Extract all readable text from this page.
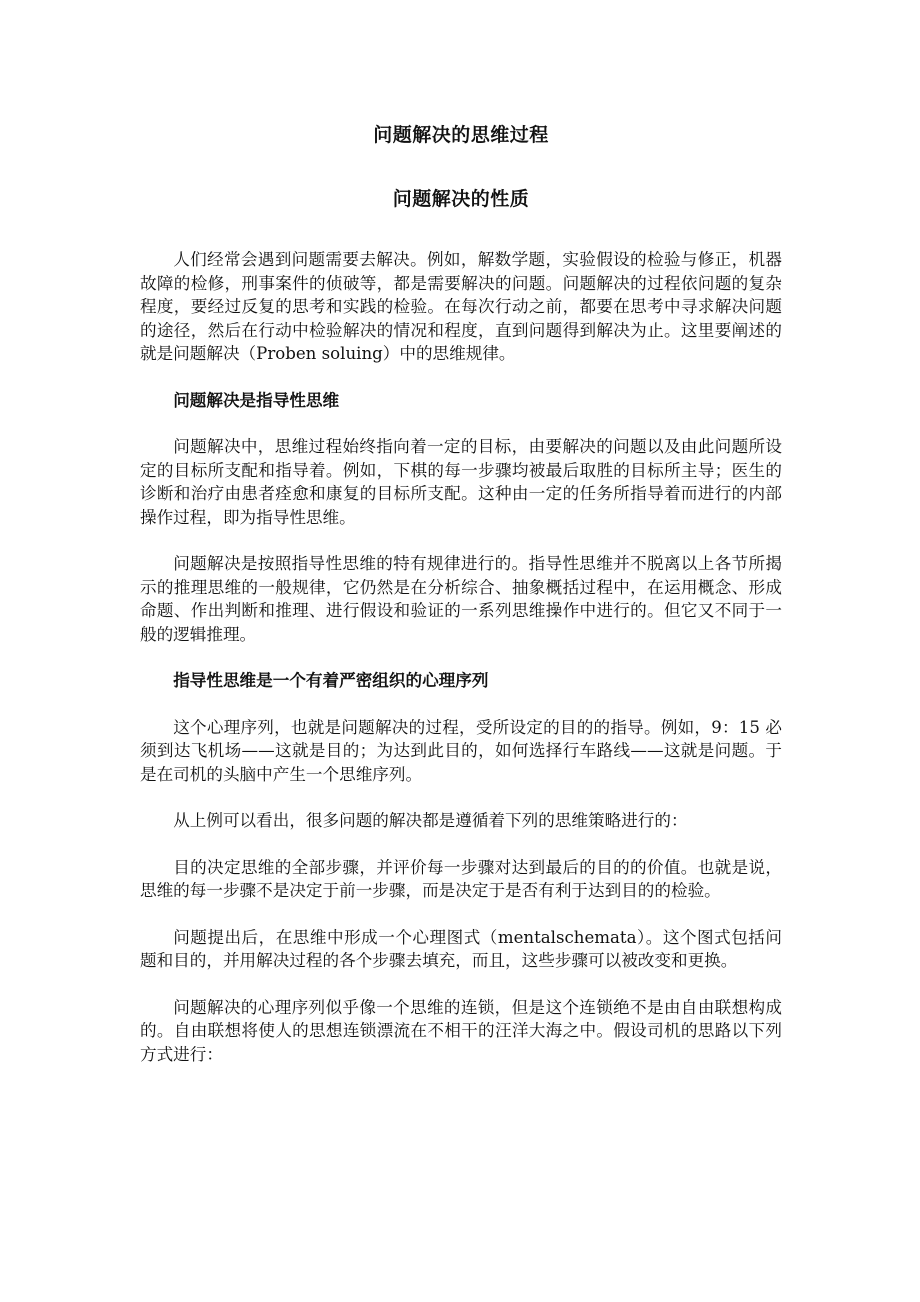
问题解决的思维过程
问题解决的性质
人们经常会遇到问题需要去解决。例如，解数学题，实验假设的检验与修正，机器故障的检修，刑事案件的侦破等，都是需要解决的问题。问题解决的过程依问题的复杂程度，要经过反复的思考和实践的检验。在每次行动之前，都要在思考中寻求解决问题的途径，然后在行动中检验解决的情况和程度，直到问题得到解决为止。这里要阐述的就是问题解决（Proben soluing）中的思维规律。
问题解决是指导性思维
问题解决中，思维过程始终指向着一定的目标，由要解决的问题以及由此问题所设定的目标所支配和指导着。例如，下棋的每一步骤均被最后取胜的目标所主导；医生的诊断和治疗由患者痊愈和康复的目标所支配。这种由一定的任务所指导着而进行的内部操作过程，即为指导性思维。
问题解决是按照指导性思维的特有规律进行的。指导性思维并不脱离以上各节所揭示的推理思维的一般规律，它仍然是在分析综合、抽象概括过程中，在运用概念、形成命题、作出判断和推理、进行假设和验证的一系列思维操作中进行的。但它又不同于一般的逻辑推理。
指导性思维是一个有着严密组织的心理序列
这个心理序列，也就是问题解决的过程，受所设定的目的的指导。例如，9：15 必须到达飞机场——这就是目的；为达到此目的，如何选择行车路线——这就是问题。于是在司机的头脑中产生一个思维序列。
从上例可以看出，很多问题的解决都是遵循着下列的思维策略进行的：
目的决定思维的全部步骤，并评价每一步骤对达到最后的目的的价值。也就是说，思维的每一步骤不是决定于前一步骤，而是决定于是否有利于达到目的的检验。
问题提出后，在思维中形成一个心理图式（mentalschemata）。这个图式包括问题和目的，并用解决过程的各个步骤去填充，而且，这些步骤可以被改变和更换。
问题解决的心理序列似乎像一个思维的连锁，但是这个连锁绝不是由自由联想构成的。自由联想将使人的思想连锁漂流在不相干的汪洋大海之中。假设司机的思路以下列方式进行：
